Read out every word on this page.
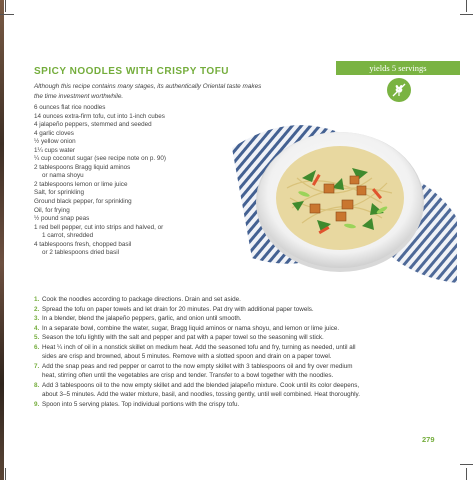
yields 5 servings
SPICY NOODLES WITH CRISPY TOFU
Although this recipe contains many stages, its authentically Oriental taste makes
the time investment worthwhile.
6 ounces flat rice noodles
14 ounces extra-firm tofu, cut into 1-inch cubes
4 jalapeño peppers, stemmed and seeded
4 garlic cloves
½ yellow onion
1¼ cups water
¼ cup coconut sugar (see recipe note on p. 90)
2 tablespoons Bragg liquid aminos
or nama shoyu
2 tablespoons lemon or lime juice
Salt, for sprinkling
Ground black pepper, for sprinkling
Oil, for frying
½ pound snap peas
1 red bell pepper, cut into strips and halved, or
1 carrot, shredded
4 tablespoons fresh, chopped basil
or 2 tablespoons dried basil
1. Cook the noodles according to package directions. Drain and set aside.
2. Spread the tofu on paper towels and let drain for 20 minutes. Pat dry with additional paper towels.
3. In a blender, blend the jalapeño peppers, garlic, and onion until smooth.
4. In a separate bowl, combine the water, sugar, Bragg liquid aminos or nama shoyu, and lemon or lime juice.
5. Season the tofu lightly with the salt and pepper and pat with a paper towel so the seasoning will stick.
6. Heat ¼ inch of oil in a nonstick skillet on medium heat. Add the seasoned tofu and fry, turning as needed, until all
sides are crisp and browned, about 5 minutes. Remove with a slotted spoon and drain on a paper towel.
7. Add the snap peas and red pepper or carrot to the now empty skillet with 3 tablespoons oil and fry over medium
heat, stirring often until the vegetables are crisp and tender. Transfer to a bowl together with the noodles.
8. Add 3 tablespoons oil to the now empty skillet and add the blended jalapeño mixture. Cook until its color deepens,
about 3–5 minutes. Add the water mixture, basil, and noodles, tossing gently, until well combined. Heat thoroughly.
9. Spoon into 5 serving plates. Top individual portions with the crispy tofu.
279
